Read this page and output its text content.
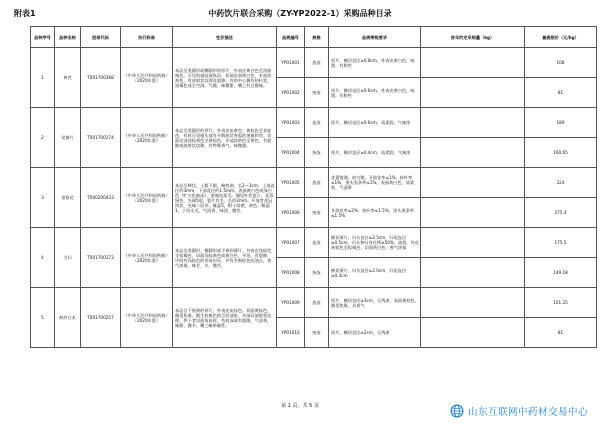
附表1	中药饮片联合采购（ZY-YP2022-1）采购品种目录
品种序号	品种名称	医保代码	执行标准	性状描述	品规编号	规格	品规等级要求	首年约定采购量（kg）	最高限价（元/kg）
1	黄芪	T001700368	《中华人民共和国药典》（2020年版）	本品呈类圆形或椭圆形的厚片，外表皮黄白色至淡棕褐色，可见纵皱纹或纵沟。切面皮部黄白色，木部淡黄色，有放射状纹理及裂隙，有的中心偶有枯朽状，黑褐色或呈空洞。气微，味微甜，嚼之有豆腥味。	YP01001	选货	厚片，横切直径≥0.8cm，外表皮黄白色，味甜，有粉性		108
					YP01002	统货	厚片，横切直径≥0.6cm，外表皮黄白色，味甜，有粉性		81
2	党参片	T001700174	《中华人民共和国药典》（2020年版）	本品呈类圆形的厚片。外表皮灰黄色、黄棕色至灰棕色，有时可见根头部有多数疣状突起的茎痕和芽。切面皮部淡棕黄色至黄棕色，木部淡黄色至黄色，有裂隙或放射状纹理。有特殊香气，味微甜。	YP01003	选货	厚片，横切直径≥0.6cm，质柔润，气味浓		189
					YP01004	统货	厚片，横切直径≥0.4cm，质柔润，气味浓		160.65
3	金银花	T000200433	《中华人民共和国药典》（2020年版）	本品呈棒状，上粗下细，略弯曲，长2～3cm，上部直径约3mm，下部直径约1.5mm。表面黄白色或绿白色（贮久色渐深），密被短柔毛。偶见叶状苞片。花萼绿色，先端5裂，裂片有毛，长约2mm。开放者花冠筒状，先端二唇形；雄蕊5，附于筒壁，黄色；雌蕊1，子房无毛。气清香，味淡、微苦。	YP01005	选货	花蕾饱满，较匀整，开放花率≤1%；枝叶率≤1%，黑头黑条率≤1%，表面黄白色，质柔软，气清香		324
					YP01006	统货	开放花率≤2%；枝叶率≤1.5%，黑头黑条率≤1.5%		275.4
4	当归	T001700173	《中华人民共和国药典》（2020年版）	本品呈类圆形、椭圆形或不规则薄片。外表皮浅棕色至棕褐色。切面浅棕黄色或黄白色，平坦，有裂隙，中间有浅棕色的形成层环，并有多数棕色的油点，香气浓郁，味甘、辛、微苦。	YP01007	选货	横切薄片，归头直径≥2.5cm，归尾直径≥0.5cm，归头和归身比例≥50%，油润，外皮黄棕色至棕褐色，切面黄白色，香气浓郁		175.5
					YP01008	统货	横切薄片，归头直径≥2.0cm，归尾直径≥0.3cm		149.18
5	麸炒白术	T001700257	《中华人民共和国药典》（2020年版）	本品呈不规则的厚片。外表皮灰棕色。切面黄棕色，偶见焦斑，散生棕黄色的点状油室，木部具放射状纹理，烘干者切面角质样，色较深或有裂隙。气清香，味甜、微辛，嚼之略带黏性。	YP01009	选货	厚片，横切直径≥3cm，无残茎，表面黄棕色，偶见焦斑，具香气		101.25
					YP01010	统货	厚片，横切直径≥2cm，无残茎		81
第 1 页，共 5 页
山东互联网中药材交易中心
